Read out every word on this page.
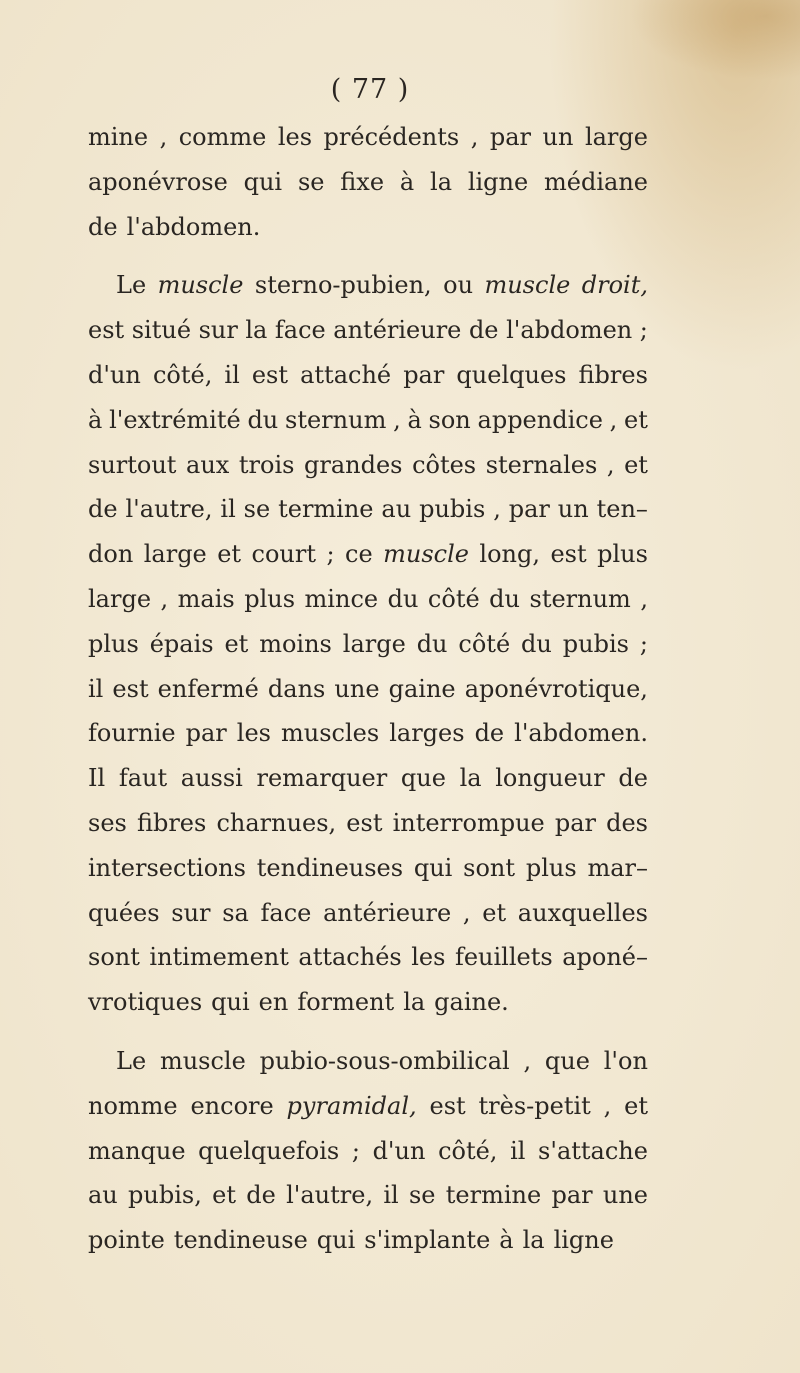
( 77 )
mine , comme les précédents , par un large
aponévrose qui se fixe à la ligne médiane
de l'abdomen.
Le muscle sterno-pubien, ou muscle droit,
est situé sur la face antérieure de l'abdomen ;
d'un côté, il est attaché par quelques fibres
à l'extrémité du sternum , à son appendice , et
surtout aux trois grandes côtes sternales , et
de l'autre, il se termine au pubis , par un ten–
don large et court ; ce muscle long, est plus
large , mais plus mince du côté du sternum ,
plus épais et moins large du côté du pubis ;
il est enfermé dans une gaine aponévrotique,
fournie par les muscles larges de l'abdomen.
Il faut aussi remarquer que la longueur de
ses fibres charnues, est interrompue par des
intersections tendineuses qui sont plus mar–
quées sur sa face antérieure , et auxquelles
sont intimement attachés les feuillets aponé–
vrotiques qui en forment la gaine.
Le muscle pubio-sous-ombilical , que l'on
nomme encore pyramidal, est très-petit , et
manque quelquefois ; d'un côté, il s'attache
au pubis, et de l'autre, il se termine par une
pointe tendineuse qui s'implante à la ligne
